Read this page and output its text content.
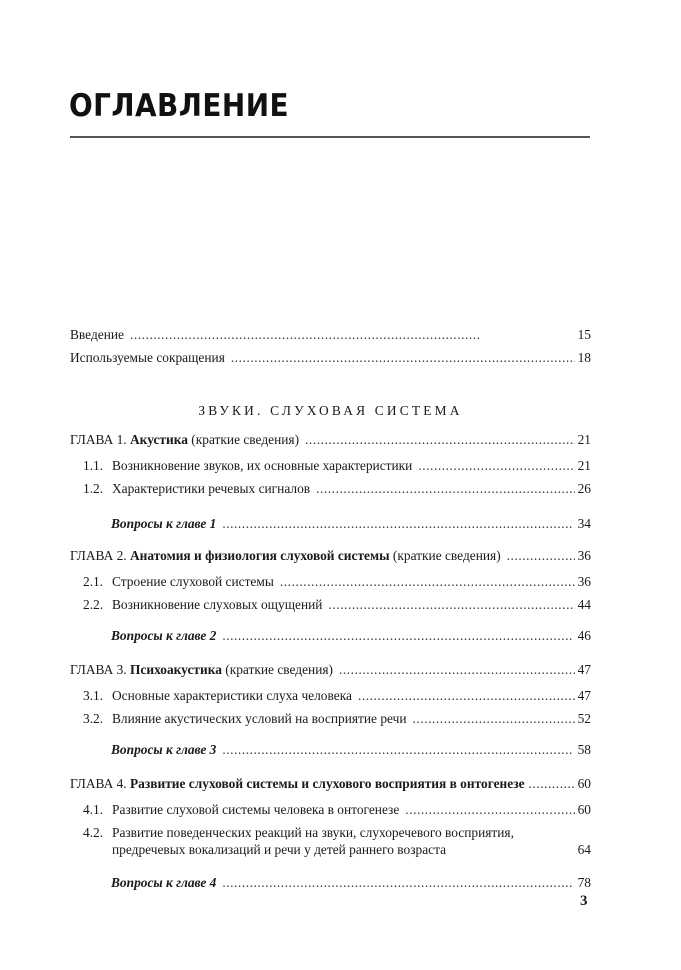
ОГЛАВЛЕНИЕ
Введение . . .	15
Используемые сокращения . . .	18
ГЛАВА 1. Акустика (краткие сведения) . . .	21
1.1. Возникновение звуков, их основные характеристики . . .	21
1.2. Характеристики речевых сигналов . . .	26
Вопросы к главе 1 . . .	34
ГЛАВА 2. Анатомия и физиология слуховой системы (краткие сведения) . . .	36
2.1. Строение слуховой системы . . .	36
2.2. Возникновение слуховых ощущений . . .	44
Вопросы к главе 2 . . .	46
ГЛАВА 3. Психоакустика (краткие сведения) . . .	47
3.1. Основные характеристики слуха человека . . .	47
3.2. Влияние акустических условий на восприятие речи . . .	52
Вопросы к главе 3 . . .	58
ГЛАВА 4. Развитие слуховой системы и слухового восприятия в онтогенезе . . .	60
4.1. Развитие слуховой системы человека в онтогенезе . . .	60
4.2. Развитие поведенческих реакций на звуки, слухоречевого восприятия,
предречевых вокализаций и речи у детей раннего возраста	64
Вопросы к главе 4 . . .	78
ЗВУКИ. СЛУХОВАЯ СИСТЕМА
3
